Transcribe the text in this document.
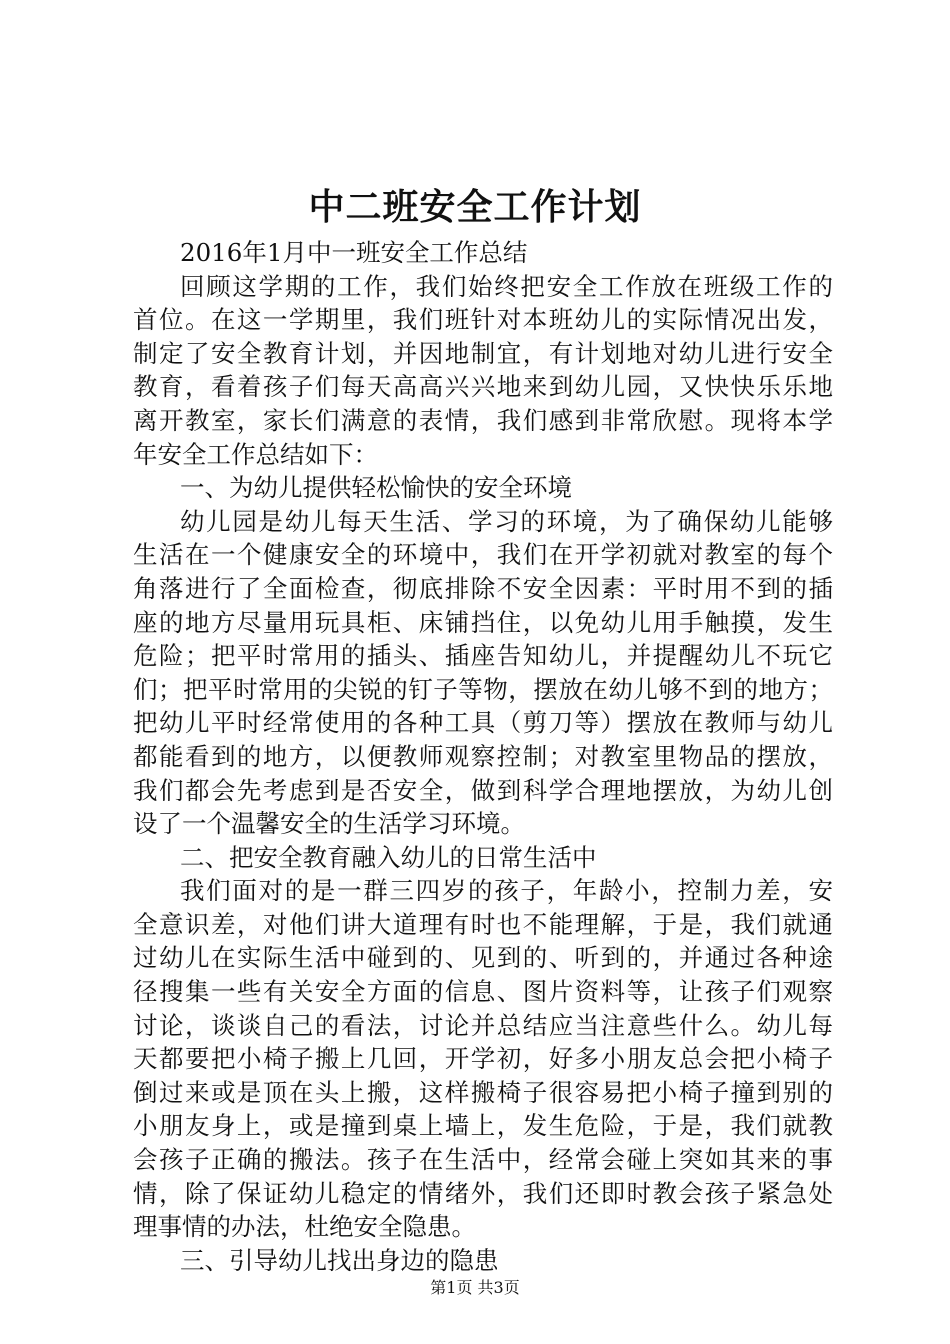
中二班安全工作计划
2016年1月中一班安全工作总结
回顾这学期的工作，我们始终把安全工作放在班级工作的
首位。在这一学期里，我们班针对本班幼儿的实际情况出发，
制定了安全教育计划，并因地制宜，有计划地对幼儿进行安全
教育，看着孩子们每天高高兴兴地来到幼儿园，又快快乐乐地
离开教室，家长们满意的表情，我们感到非常欣慰。现将本学
年安全工作总结如下：
一、为幼儿提供轻松愉快的安全环境
幼儿园是幼儿每天生活、学习的环境，为了确保幼儿能够
生活在一个健康安全的环境中，我们在开学初就对教室的每个
角落进行了全面检查，彻底排除不安全因素：平时用不到的插
座的地方尽量用玩具柜、床铺挡住，以免幼儿用手触摸，发生
危险；把平时常用的插头、插座告知幼儿，并提醒幼儿不玩它
们；把平时常用的尖锐的钉子等物，摆放在幼儿够不到的地方；
把幼儿平时经常使用的各种工具（剪刀等）摆放在教师与幼儿
都能看到的地方，以便教师观察控制；对教室里物品的摆放，
我们都会先考虑到是否安全，做到科学合理地摆放，为幼儿创
设了一个温馨安全的生活学习环境。
二、把安全教育融入幼儿的日常生活中
我们面对的是一群三四岁的孩子，年龄小，控制力差，安
全意识差，对他们讲大道理有时也不能理解，于是，我们就通
过幼儿在实际生活中碰到的、见到的、听到的，并通过各种途
径搜集一些有关安全方面的信息、图片资料等，让孩子们观察
讨论，谈谈自己的看法，讨论并总结应当注意些什么。幼儿每
天都要把小椅子搬上几回，开学初，好多小朋友总会把小椅子
倒过来或是顶在头上搬，这样搬椅子很容易把小椅子撞到别的
小朋友身上，或是撞到桌上墙上，发生危险，于是，我们就教
会孩子正确的搬法。孩子在生活中，经常会碰上突如其来的事
情，除了保证幼儿稳定的情绪外，我们还即时教会孩子紧急处
理事情的办法，杜绝安全隐患。
三、引导幼儿找出身边的隐患
第1页 共3页
